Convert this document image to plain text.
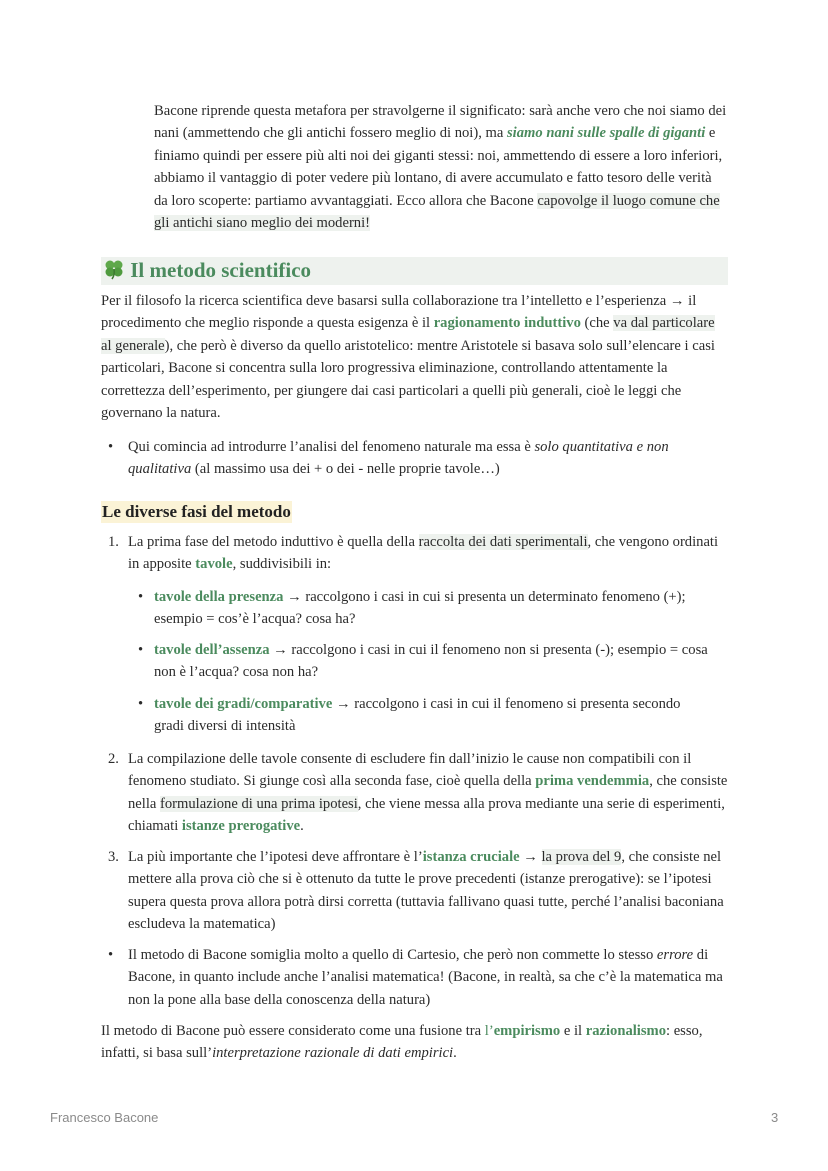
Bacone riprende questa metafora per stravolgerne il significato: sarà anche vero che noi siamo dei nani (ammettendo che gli antichi fossero meglio di noi), ma siamo nani sulle spalle di giganti e finiamo quindi per essere più alti noi dei giganti stessi: noi, ammettendo di essere a loro inferiori, abbiamo il vantaggio di poter vedere più lontano, di avere accumulato e fatto tesoro delle verità da loro scoperte: partiamo avvantaggiati. Ecco allora che Bacone capovolge il luogo comune che gli antichi siano meglio dei moderni!
Il metodo scientifico
Per il filosofo la ricerca scientifica deve basarsi sulla collaborazione tra l’intelletto e l’esperienza → il procedimento che meglio risponde a questa esigenza è il ragionamento induttivo (che va dal particolare al generale), che però è diverso da quello aristotelico: mentre Aristotele si basava solo sull’elencare i casi particolari, Bacone si concentra sulla loro progressiva eliminazione, controllando attentamente la correttezza dell’esperimento, per giungere dai casi particolari a quelli più generali, cioè le leggi che governano la natura.
• Qui comincia ad introdurre l’analisi del fenomeno naturale ma essa è solo quantitativa e non qualitativa (al massimo usa dei + o dei - nelle proprie tavole…)
Le diverse fasi del metodo
1. La prima fase del metodo induttivo è quella della raccolta dei dati sperimentali, che vengono ordinati in apposite tavole, suddivisibili in:
• tavole della presenza → raccolgono i casi in cui si presenta un determinato fenomeno (+); esempio = cos’è l’acqua? cosa ha?
• tavole dell’assenza → raccolgono i casi in cui il fenomeno non si presenta (-); esempio = cosa non è l’acqua? cosa non ha?
• tavole dei gradi/comparative → raccolgono i casi in cui il fenomeno si presenta secondo gradi diversi di intensità
2. La compilazione delle tavole consente di escludere fin dall’inizio le cause non compatibili con il fenomeno studiato. Si giunge così alla seconda fase, cioè quella della prima vendemmia, che consiste nella formulazione di una prima ipotesi, che viene messa alla prova mediante una serie di esperimenti, chiamati istanze prerogative.
3. La più importante che l’ipotesi deve affrontare è l’istanza cruciale → la prova del 9, che consiste nel mettere alla prova ciò che si è ottenuto da tutte le prove precedenti (istanze prerogative): se l’ipotesi supera questa prova allora potrà dirsi corretta (tuttavia fallivano quasi tutte, perché l’analisi baconiana escludeva la matematica)
• Il metodo di Bacone somiglia molto a quello di Cartesio, che però non commette lo stesso errore di Bacone, in quanto include anche l’analisi matematica! (Bacone, in realtà, sa che c’è la matematica ma non la pone alla base della conoscenza della natura)
Il metodo di Bacone può essere considerato come una fusione tra l’empirismo e il razionalismo: esso, infatti, si basa sull’interpretazione razionale di dati empirici.
Francesco Bacone	3
